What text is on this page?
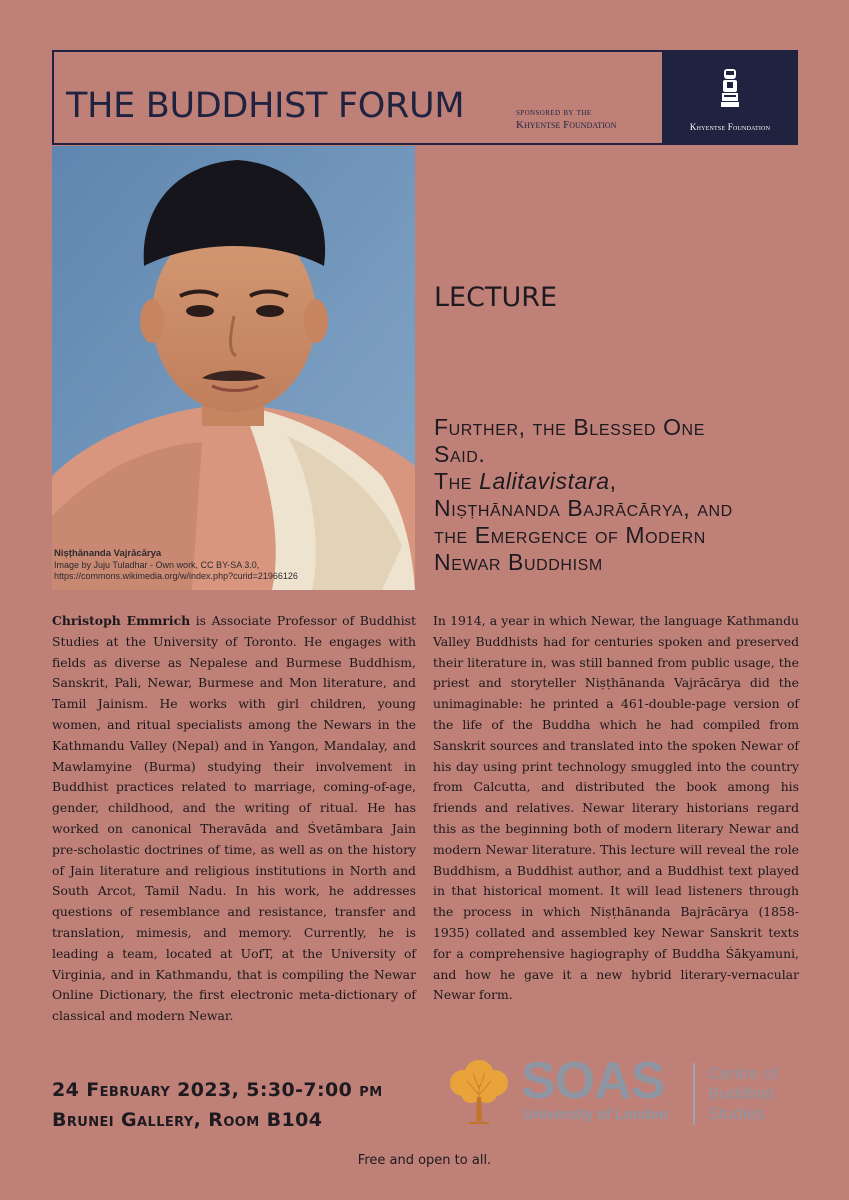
THE BUDDHIST FORUM	sponsored by the
Khyentse Foundation	Khyentse Foundation
Niṣṭhānanda Vajrācārya
Image by Juju Tuladhar - Own work, CC BY-SA 3.0,
https://commons.wikimedia.org/w/index.php?curid=21966126
LECTURE
Further, the Blessed One
Said.
The Lalitavistara,
Niṣṭhānanda Bajrācārya, and
the Emergence of Modern
Newar Buddhism
Christoph Emmrich is Associate Professor of Buddhist Studies at the University of Toronto. He engages with fields as diverse as Nepalese and Burmese Buddhism, Sanskrit, Pali, Newar, Burmese and Mon literature, and Tamil Jainism. He works with girl children, young women, and ritual specialists among the Newars in the Kathmandu Valley (Nepal) and in Yangon, Mandalay, and Mawlamyine (Burma) studying their involvement in Buddhist practices related to marriage, coming-of-age, gender, childhood, and the writing of ritual. He has worked on canonical Theravāda and Śvetāmbara Jain pre-scholastic doctrines of time, as well as on the history of Jain literature and religious institutions in North and South Arcot, Tamil Nadu. In his work, he addresses questions of resemblance and resistance, transfer and translation, mimesis, and memory. Currently, he is leading a team, located at UofT, at the University of Virginia, and in Kathmandu, that is compiling the Newar Online Dictionary, the first electronic meta-dictionary of classical and modern Newar.
In 1914, a year in which Newar, the language Kathmandu Valley Buddhists had for centuries spoken and preserved their literature in, was still banned from public usage, the priest and storyteller Niṣṭhānanda Vajrācārya did the unimaginable: he printed a 461-double-page version of the life of the Buddha which he had compiled from Sanskrit sources and translated into the spoken Newar of his day using print technology smuggled into the country from Calcutta, and distributed the book among his friends and relatives. Newar literary historians regard this as the beginning both of modern literary Newar and modern Newar literature. This lecture will reveal the role Buddhism, a Buddhist author, and a Buddhist text played in that historical moment. It will lead listeners through the process in which Niṣṭhānanda Bajrācārya (1858-1935) collated and assembled key Newar Sanskrit texts for a comprehensive hagiography of Buddha Śākyamuni, and how he gave it a new hybrid literary-vernacular Newar form.
24 February 2023, 5:30-7:00 pm
Brunei Gallery, Room B104
SOAS
University of London
Centre of
Buddhist
Studies
Free and open to all.
